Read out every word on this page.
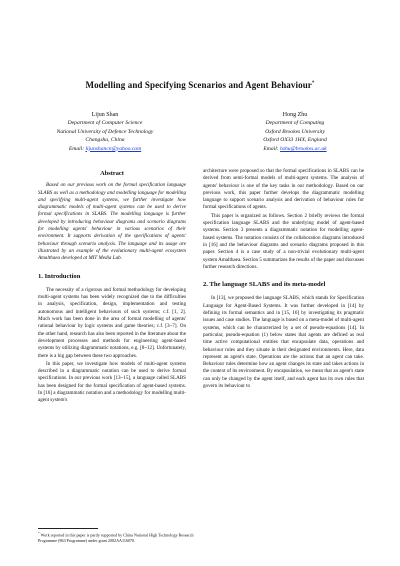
Modelling and Specifying Scenarios and Agent Behaviour*
Lijun Shan
Department of Computer Science
National University of Defence Technology
Changsha, China
Email: lijunshancn@yahoo.com
Hong Zhu
Department of Computing
Oxford Brookes University
Oxford OX33 1HX, England
Email: hzhu@brookes.ac.uk
Abstract

Based on our previous work on the formal specification language SLABS as well as a methodology and modelling language for modelling and specifying multi-agent systems, we further investigate how diagrammatic models of multi-agent systems can be used to derive formal specifications in SLABS. The modelling language is further developed by introducing behaviour diagrams and scenario diagrams for modelling agents' behaviour in various scenarios of their environment. It supports derivation of the specifications of agents' behaviour through scenario analysis. The language and its usage are illustrated by an example of the evolutionary multi-agent ecosystem Amalthaea developed at MIT Media Lab.

1. Introduction

The necessity of a rigorous and formal methodology for developing multi-agent systems has been widely recognized due to the difficulties in analysis, specification, design, implementation and testing autonomous and intelligent behaviours of such systems; c.f. [1, 2]. Much work has been done in the area of formal modelling of agents' rational behaviour by logic systems and game theories; c.f. [3~7]. On the other hand, research has also been reported in the literature about the development processes and methods for engineering agent-based systems by utilizing diagrammatic notations, e.g. [8~12]. Unfortunately, there is a big gap between these two approaches.

In this paper, we investigate how models of multi-agent systems described in a diagrammatic notation can be used to derive formal specifications. In our previous work [13~15], a language called SLABS has been designed for the formal specification of agent-based systems. In [16] a diagrammatic notation and a methodology for modelling multi-agent system's

architecture were proposed so that the formal specifications in SLABS can be derived from semi-formal models of multi-agent systems. The analysis of agents' behaviour is one of the key tasks in our methodology. Based on our previous work, this paper further develops the diagrammatic modelling language to support scenario analysis and derivation of behaviour rules for formal specifications of agents.

This paper is organized as follows. Section 2 briefly reviews the formal specification language SLABS and the underlying model of agent-based systems. Section 3 presents a diagrammatic notation for modelling agent-based systems. The notation consists of the collaboration diagrams introduced in [16] and the behaviour diagrams and scenario diagrams proposed in this paper. Section 4 is a case study of a non-trivial evolutionary multi-agent system Amalthaea. Section 5 summarizes the results of the paper and discusses further research directions.

2. The language SLABS and its meta-model

In [13], we proposed the language SLABS, which stands for Specification Language for Agent-Based Systems. It was further developed in [14] by defining its formal semantics and in [15, 16] by investigating its pragmatic issues and case studies. The language is based on a meta-model of multi-agent systems, which can be characterized by a set of pseudo-equations [14]. In particular, pseudo-equation (1) below states that agents are defined as real time active computational entities that encapsulate data, operations and behaviour rules and they situate in their designated environments. Here, data represent an agent's state. Operations are the actions that an agent can take. Behaviour rules determine how an agent changes its state and takes actions in the context of its environment. By encapsulation, we mean that an agent's state can only be changed by the agent itself, and each agent has its own rules that govern its behaviour to

* Work reported in this paper is partly supported by China National High Technology Research Programme (863 Programme) under grant 2002AA116070.
